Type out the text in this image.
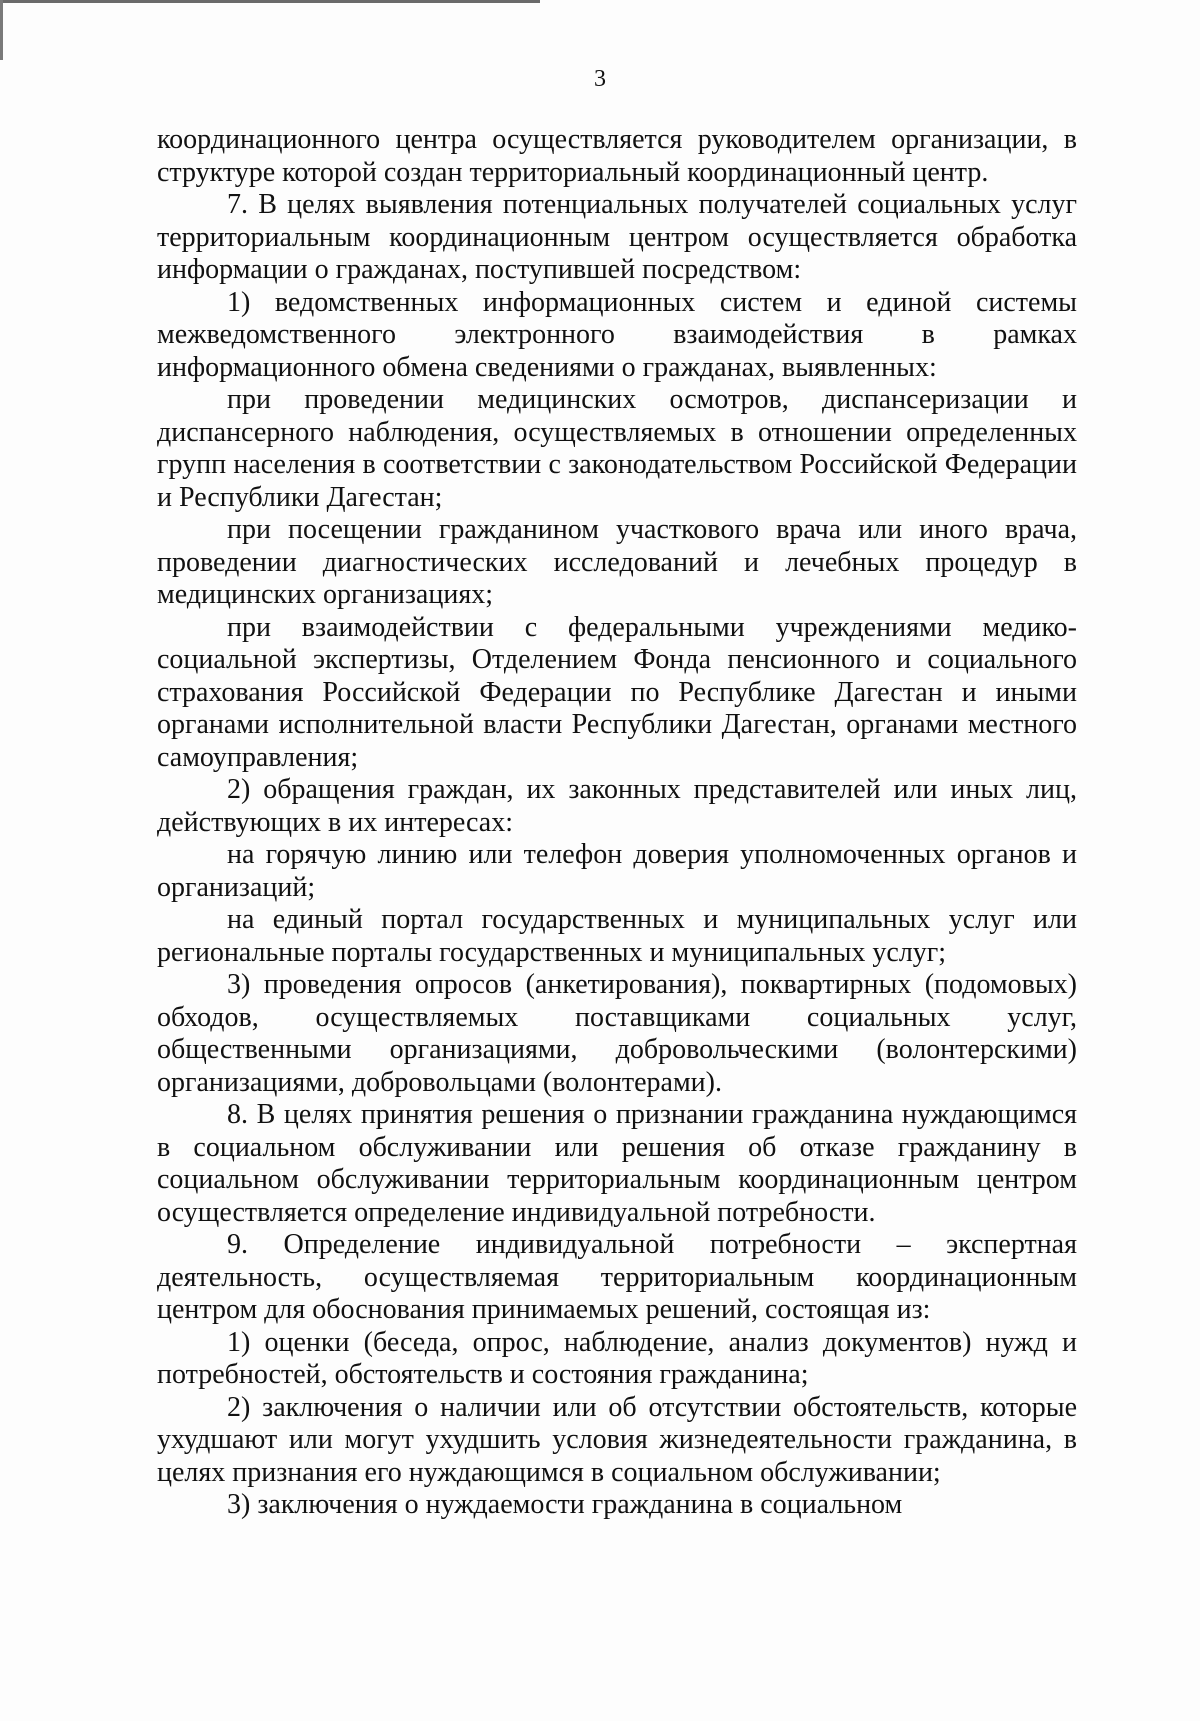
3

координационного центра осуществляется руководителем организации, в структуре которой создан территориальный координационный центр.

7. В целях выявления потенциальных получателей социальных услуг территориальным координационным центром осуществляется обработка информации о гражданах, поступившей посредством:

1) ведомственных информационных систем и единой системы межведомственного электронного взаимодействия в рамках информационного обмена сведениями о гражданах, выявленных:

при проведении медицинских осмотров, диспансеризации и диспансерного наблюдения, осуществляемых в отношении определенных групп населения в соответствии с законодательством Российской Федерации и Республики Дагестан;

при посещении гражданином участкового врача или иного врача, проведении диагностических исследований и лечебных процедур в медицинских организациях;

при взаимодействии с федеральными учреждениями медико-социальной экспертизы, Отделением Фонда пенсионного и социального страхования Российской Федерации по Республике Дагестан и иными органами исполнительной власти Республики Дагестан, органами местного самоуправления;

2) обращения граждан, их законных представителей или иных лиц, действующих в их интересах:

на горячую линию или телефон доверия уполномоченных органов и организаций;

на единый портал государственных и муниципальных услуг или региональные порталы государственных и муниципальных услуг;

3) проведения опросов (анкетирования), поквартирных (подомовых) обходов, осуществляемых поставщиками социальных услуг, общественными организациями, добровольческими (волонтерскими) организациями, добровольцами (волонтерами).

8. В целях принятия решения о признании гражданина нуждающимся в социальном обслуживании или решения об отказе гражданину в социальном обслуживании территориальным координационным центром осуществляется определение индивидуальной потребности.

9. Определение индивидуальной потребности – экспертная деятельность, осуществляемая территориальным координационным центром для обоснования принимаемых решений, состоящая из:

1) оценки (беседа, опрос, наблюдение, анализ документов) нужд и потребностей, обстоятельств и состояния гражданина;

2) заключения о наличии или об отсутствии обстоятельств, которые ухудшают или могут ухудшить условия жизнедеятельности гражданина, в целях признания его нуждающимся в социальном обслуживании;

3) заключения о нуждаемости гражданина в социальном
